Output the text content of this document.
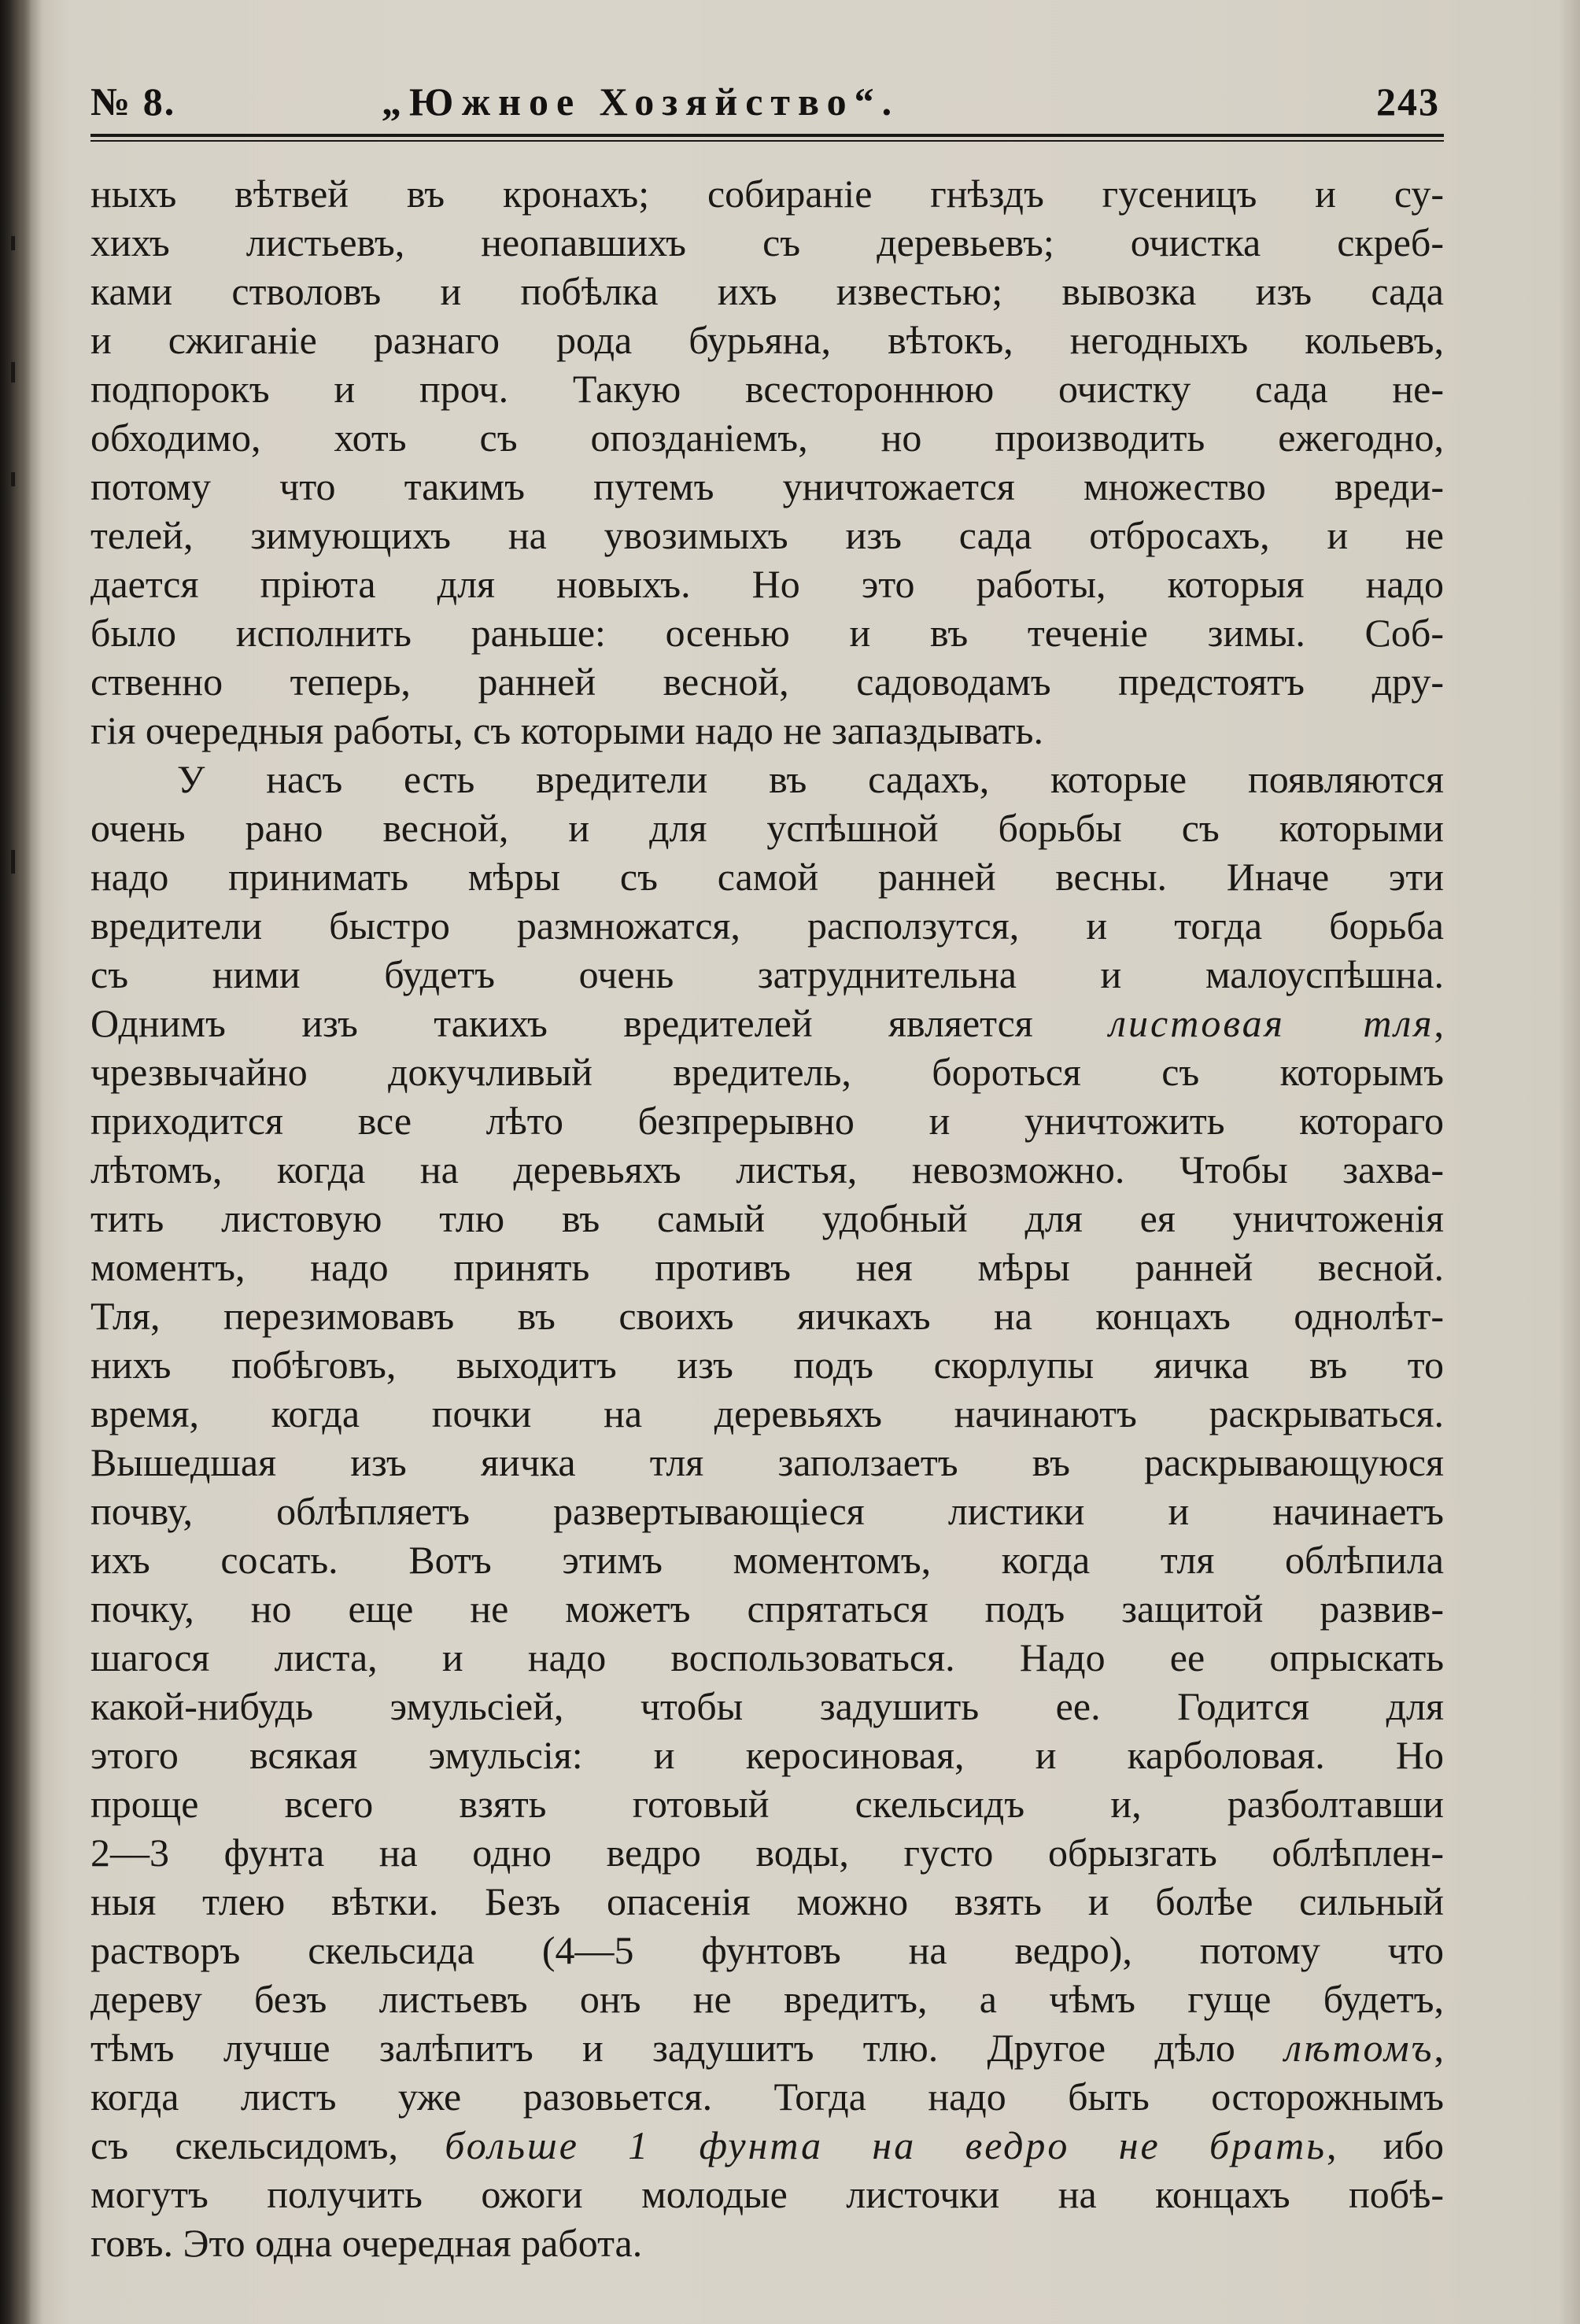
№ 8.	„Южное Хозяйство“.	243
ныхъ вѣтвей въ кронахъ; собираніе гнѣздъ гусеницъ и су-
хихъ листьевъ, неопавшихъ съ деревьевъ; очистка скреб-
ками стволовъ и побѣлка ихъ известью; вывозка изъ сада
и сжиганіе разнаго рода бурьяна, вѣтокъ, негодныхъ кольевъ,
подпорокъ и проч. Такую всестороннюю очистку сада не-
обходимо, хоть съ опозданіемъ, но производить ежегодно,
потому что такимъ путемъ уничтожается множество вреди-
телей, зимующихъ на увозимыхъ изъ сада отбросахъ, и не
дается пріюта для новыхъ. Но это работы, которыя надо
было исполнить раньше: осенью и въ теченіе зимы. Соб-
ственно теперь, ранней весной, садоводамъ предстоятъ дру-
гія очередныя работы, съ которыми надо не запаздывать.
У насъ есть вредители въ садахъ, которые появляются
очень рано весной, и для успѣшной борьбы съ которыми
надо принимать мѣры съ самой ранней весны. Иначе эти
вредители быстро размножатся, расползутся, и тогда борьба
съ ними будетъ очень затруднительна и малоуспѣшна.
Однимъ изъ такихъ вредителей является листовая тля,
чрезвычайно докучливый вредитель, бороться съ которымъ
приходится все лѣто безпрерывно и уничтожить котораго
лѣтомъ, когда на деревьяхъ листья, невозможно. Чтобы захва-
тить листовую тлю въ самый удобный для ея уничтоженія
моментъ, надо принять противъ нея мѣры ранней весной.
Тля, перезимовавъ въ своихъ яичкахъ на концахъ однолѣт-
нихъ побѣговъ, выходитъ изъ подъ скорлупы яичка въ то
время, когда почки на деревьяхъ начинаютъ раскрываться.
Вышедшая изъ яичка тля заползаетъ въ раскрывающуюся
почву, облѣпляетъ развертывающіеся листики и начинаетъ
ихъ сосать. Вотъ этимъ моментомъ, когда тля облѣпила
почку, но еще не можетъ спрятаться подъ защитой развив-
шагося листа, и надо воспользоваться. Надо ее опрыскать
какой-нибудь эмульсіей, чтобы задушить ее. Годится для
этого всякая эмульсія: и керосиновая, и карболовая. Но
проще всего взять готовый скельсидъ и, разболтавши
2—3 фунта на одно ведро воды, густо обрызгать облѣплен-
ныя тлею вѣтки. Безъ опасенія можно взять и болѣе сильный
растворъ скельсида (4—5 фунтовъ на ведро), потому что
дереву безъ листьевъ онъ не вредитъ, а чѣмъ гуще будетъ,
тѣмъ лучше залѣпитъ и задушитъ тлю. Другое дѣло лѣтомъ,
когда листъ уже разовьется. Тогда надо быть осторожнымъ
съ скельсидомъ, больше 1 фунта на ведро не брать, ибо
могутъ получить ожоги молодые листочки на концахъ побѣ-
говъ. Это одна очередная работа.
